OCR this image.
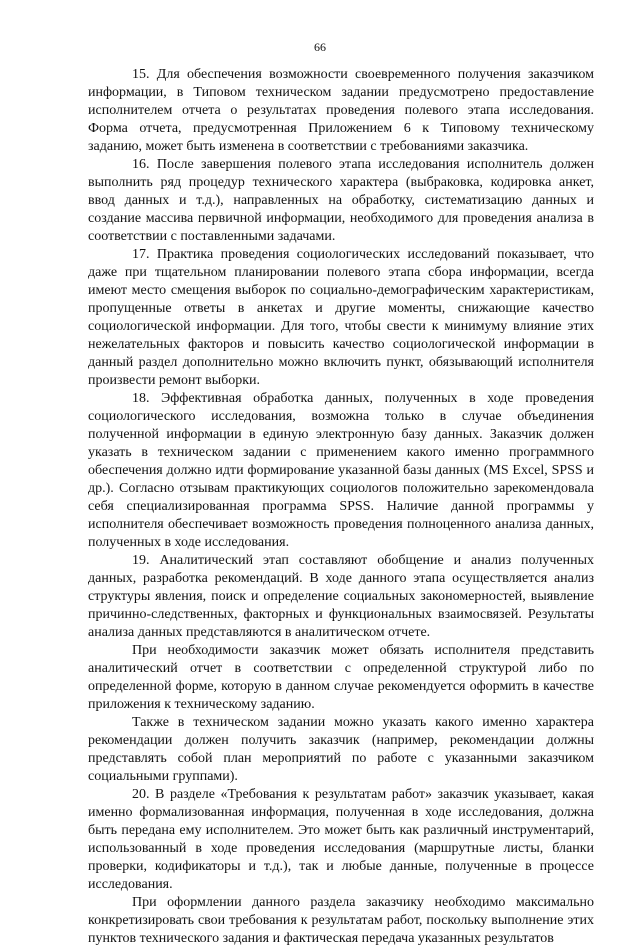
66

15. Для обеспечения возможности своевременного получения заказчиком информации, в Типовом техническом задании предусмотрено предоставление исполнителем отчета о результатах проведения полевого этапа исследования. Форма отчета, предусмотренная Приложением 6 к Типовому техническому заданию, может быть изменена в соответствии с требованиями заказчика.

16. После завершения полевого этапа исследования исполнитель должен выполнить ряд процедур технического характера (выбраковка, кодировка анкет, ввод данных и т.д.), направленных на обработку, систематизацию данных и создание массива первичной информации, необходимого для проведения анализа в соответствии с поставленными задачами.

17. Практика проведения социологических исследований показывает, что даже при тщательном планировании полевого этапа сбора информации, всегда имеют место смещения выборок по социально-демографическим характеристикам, пропущенные ответы в анкетах и другие моменты, снижающие качество социологической информации. Для того, чтобы свести к минимуму влияние этих нежелательных факторов и повысить качество социологической информации в данный раздел дополнительно можно включить пункт, обязывающий исполнителя произвести ремонт выборки.

18. Эффективная обработка данных, полученных в ходе проведения социологического исследования, возможна только в случае объединения полученной информации в единую электронную базу данных. Заказчик должен указать в техническом задании с применением какого именно программного обеспечения должно идти формирование указанной базы данных (MS Excel, SPSS и др.). Согласно отзывам практикующих социологов положительно зарекомендовала себя специализированная программа SPSS. Наличие данной программы у исполнителя обеспечивает возможность проведения полноценного анализа данных, полученных в ходе исследования.

19. Аналитический этап составляют обобщение и анализ полученных данных, разработка рекомендаций. В ходе данного этапа осуществляется анализ структуры явления, поиск и определение социальных закономерностей, выявление причинно-следственных, факторных и функциональных взаимосвязей. Результаты анализа данных представляются в аналитическом отчете.

При необходимости заказчик может обязать исполнителя представить аналитический отчет в соответствии с определенной структурой либо по определенной форме, которую в данном случае рекомендуется оформить в качестве приложения к техническому заданию.

Также в техническом задании можно указать какого именно характера рекомендации должен получить заказчик (например, рекомендации должны представлять собой план мероприятий по работе с указанными заказчиком социальными группами).

20. В разделе «Требования к результатам работ» заказчик указывает, какая именно формализованная информация, полученная в ходе исследования, должна быть передана ему исполнителем. Это может быть как различный инструментарий, использованный в ходе проведения исследования (маршрутные листы, бланки проверки, кодификаторы и т.д.), так и любые данные, полученные в процессе исследования.

При оформлении данного раздела заказчику необходимо максимально конкретизировать свои требования к результатам работ, поскольку выполнение этих пунктов технического задания и фактическая передача указанных результатов
